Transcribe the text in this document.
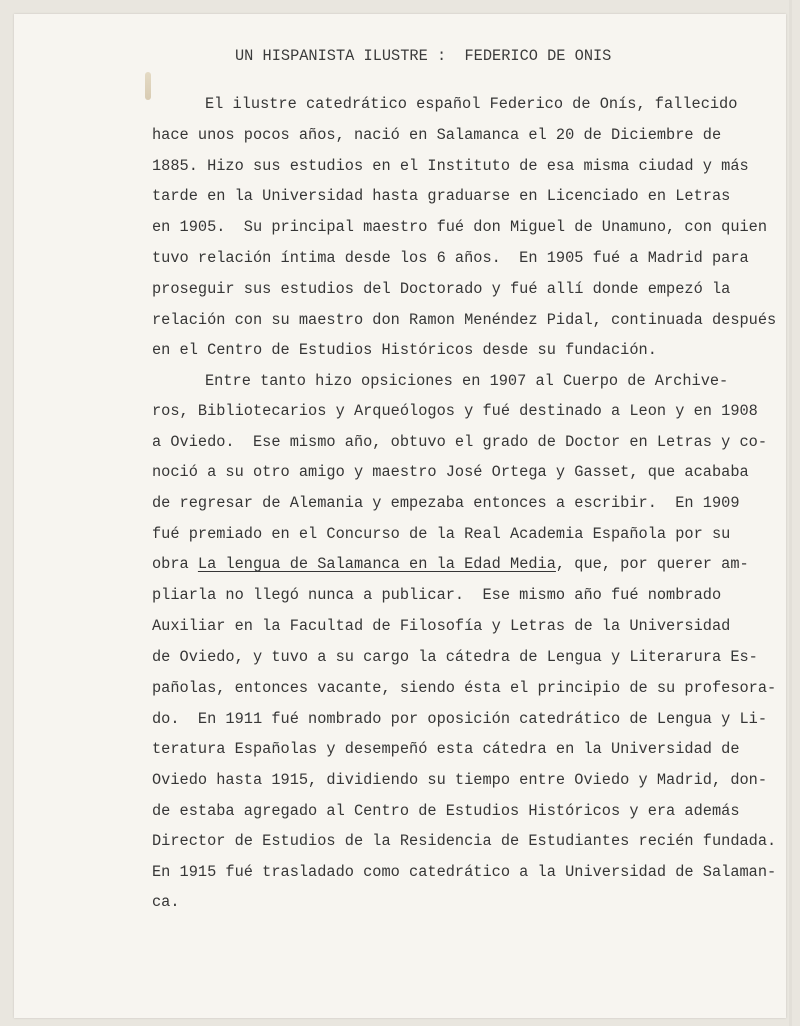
UN HISPANISTA ILUSTRE :  FEDERICO DE ONIS
El ilustre catedrático español Federico de Onís, fallecido
hace unos pocos años, nació en Salamanca el 20 de Diciembre de
1885. Hizo sus estudios en el Instituto de esa misma ciudad y más
tarde en la Universidad hasta graduarse en Licenciado en Letras
en 1905.  Su principal maestro fué don Miguel de Unamuno, con quien
tuvo relación íntima desde los 6 años.  En 1905 fué a Madrid para
proseguir sus estudios del Doctorado y fué allí donde empezó la
relación con su maestro don Ramon Menéndez Pidal, continuada después
en el Centro de Estudios Históricos desde su fundación.
Entre tanto hizo opsiciones en 1907 al Cuerpo de Archive-
ros, Bibliotecarios y Arqueólogos y fué destinado a Leon y en 1908
a Oviedo.  Ese mismo año, obtuvo el grado de Doctor en Letras y co-
noció a su otro amigo y maestro José Ortega y Gasset, que acababa
de regresar de Alemania y empezaba entonces a escribir.  En 1909
fué premiado en el Concurso de la Real Academia Española por su
obra La lengua de Salamanca en la Edad Media, que, por querer am-
pliarla no llegó nunca a publicar.  Ese mismo año fué nombrado
Auxiliar en la Facultad de Filosofía y Letras de la Universidad
de Oviedo, y tuvo a su cargo la cátedra de Lengua y Literarura Es-
pañolas, entonces vacante, siendo ésta el principio de su profesora-
do.  En 1911 fué nombrado por oposición catedrático de Lengua y Li-
teratura Españolas y desempeñó esta cátedra en la Universidad de
Oviedo hasta 1915, dividiendo su tiempo entre Oviedo y Madrid, don-
de estaba agregado al Centro de Estudios Históricos y era además
Director de Estudios de la Residencia de Estudiantes recién fundada.
En 1915 fué trasladado como catedrático a la Universidad de Salaman-
ca.
